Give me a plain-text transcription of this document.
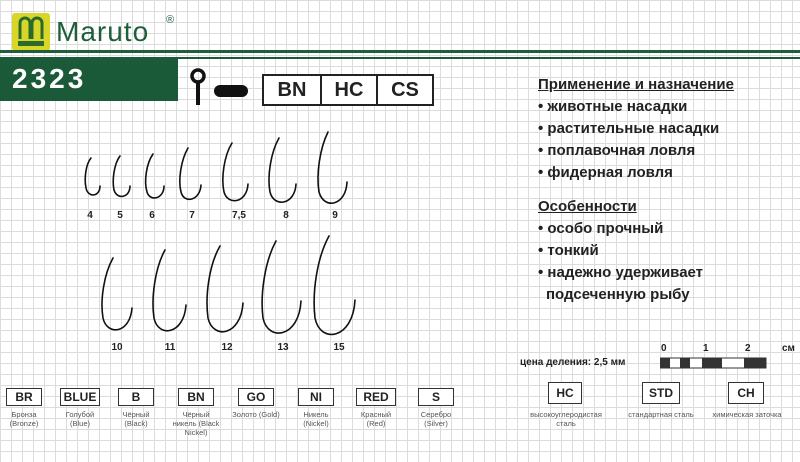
Maruto ®
2323	BN	HC	CS	Применение и назначение
• животные насадки
• растительные насадки
• поплавочная ловля
• фидерная ловля
Особенности
• особо прочный
• тонкий
• надежно удерживает
подсеченную рыбу
4	5	6	7	7,5	8	9
10	11	12	13	15
цена деления: 2,5 мм
0	1	2	см
BR
Бронза (Bronze)
BLUE
Голубой (Blue)
B
Чёрный (Black)
BN
Чёрный никель (Black Nickel)
GO
Золото (Gold)
NI
Никель (Nickel)
RED
Красный (Red)
S
Серебро (Silver)
HC
высокоуглеродистая сталь
STD
стандартная сталь
CH
химическая заточка
